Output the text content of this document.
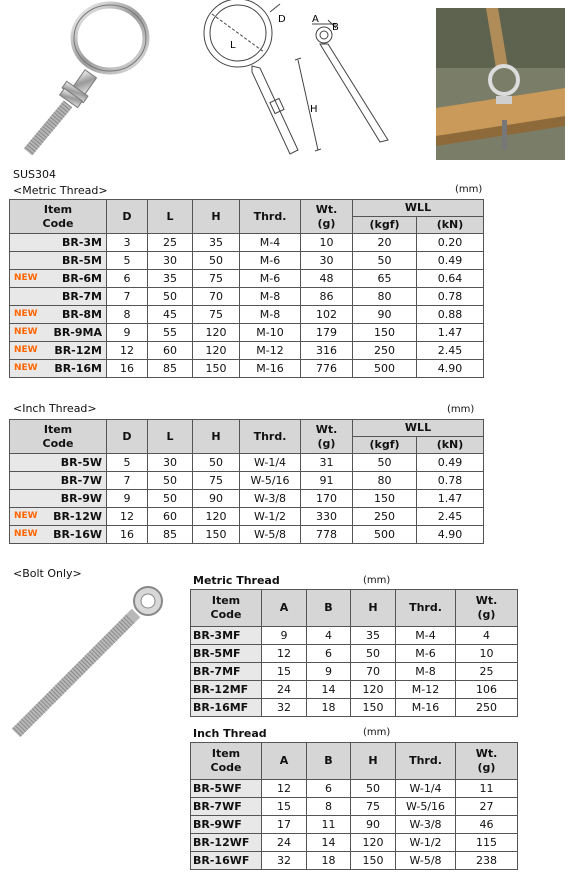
D
L
H
A
B
SUS304
<Metric Thread>	(mm)
Item
Code	D	L	H	Thrd.	Wt.
(g)	WLL	
						(kgf)	(kN)
BR-3M	3	25	35	M-4	10	20	0.20
BR-5M	5	30	50	M-6	30	50	0.49

NEW BR-6M	6	35	75	M-6	48	65	0.64
BR-7M	7	50	70	M-8	86	80	0.78

NEW BR-8M	8	45	75	M-8	102	90	0.88

NEW BR-9MA	9	55	120	M-10	179	150	1.47

NEW BR-12M	12	60	120	M-12	316	250	2.45

NEW BR-16M	16	85	150	M-16	776	500	4.90
<Inch Thread>	(mm)
Item
Code	D	L	H	Thrd.	Wt.
(g)	WLL	
						(kgf)	(kN)
BR-5W	5	30	50	W-1/4	31	50	0.49
BR-7W	7	50	75	W-5/16	91	80	0.78
BR-9W	9	50	90	W-3/8	170	150	1.47

NEW BR-12W	12	60	120	W-1/2	330	250	2.45

NEW BR-16W	16	85	150	W-5/8	778	500	4.90
<Bolt Only>
Metric Thread	(mm)
Item
Code	A	B	H	Thrd.	Wt.
(g)
BR-3MF	9	4	35	M-4	4
BR-5MF	12	6	50	M-6	10
BR-7MF	15	9	70	M-8	25
BR-12MF	24	14	120	M-12	106
BR-16MF	32	18	150	M-16	250
Inch Thread	(mm)
Item
Code	A	B	H	Thrd.	Wt.
(g)
BR-5WF	12	6	50	W-1/4	11
BR-7WF	15	8	75	W-5/16	27
BR-9WF	17	11	90	W-3/8	46
BR-12WF	24	14	120	W-1/2	115
BR-16WF	32	18	150	W-5/8	238
